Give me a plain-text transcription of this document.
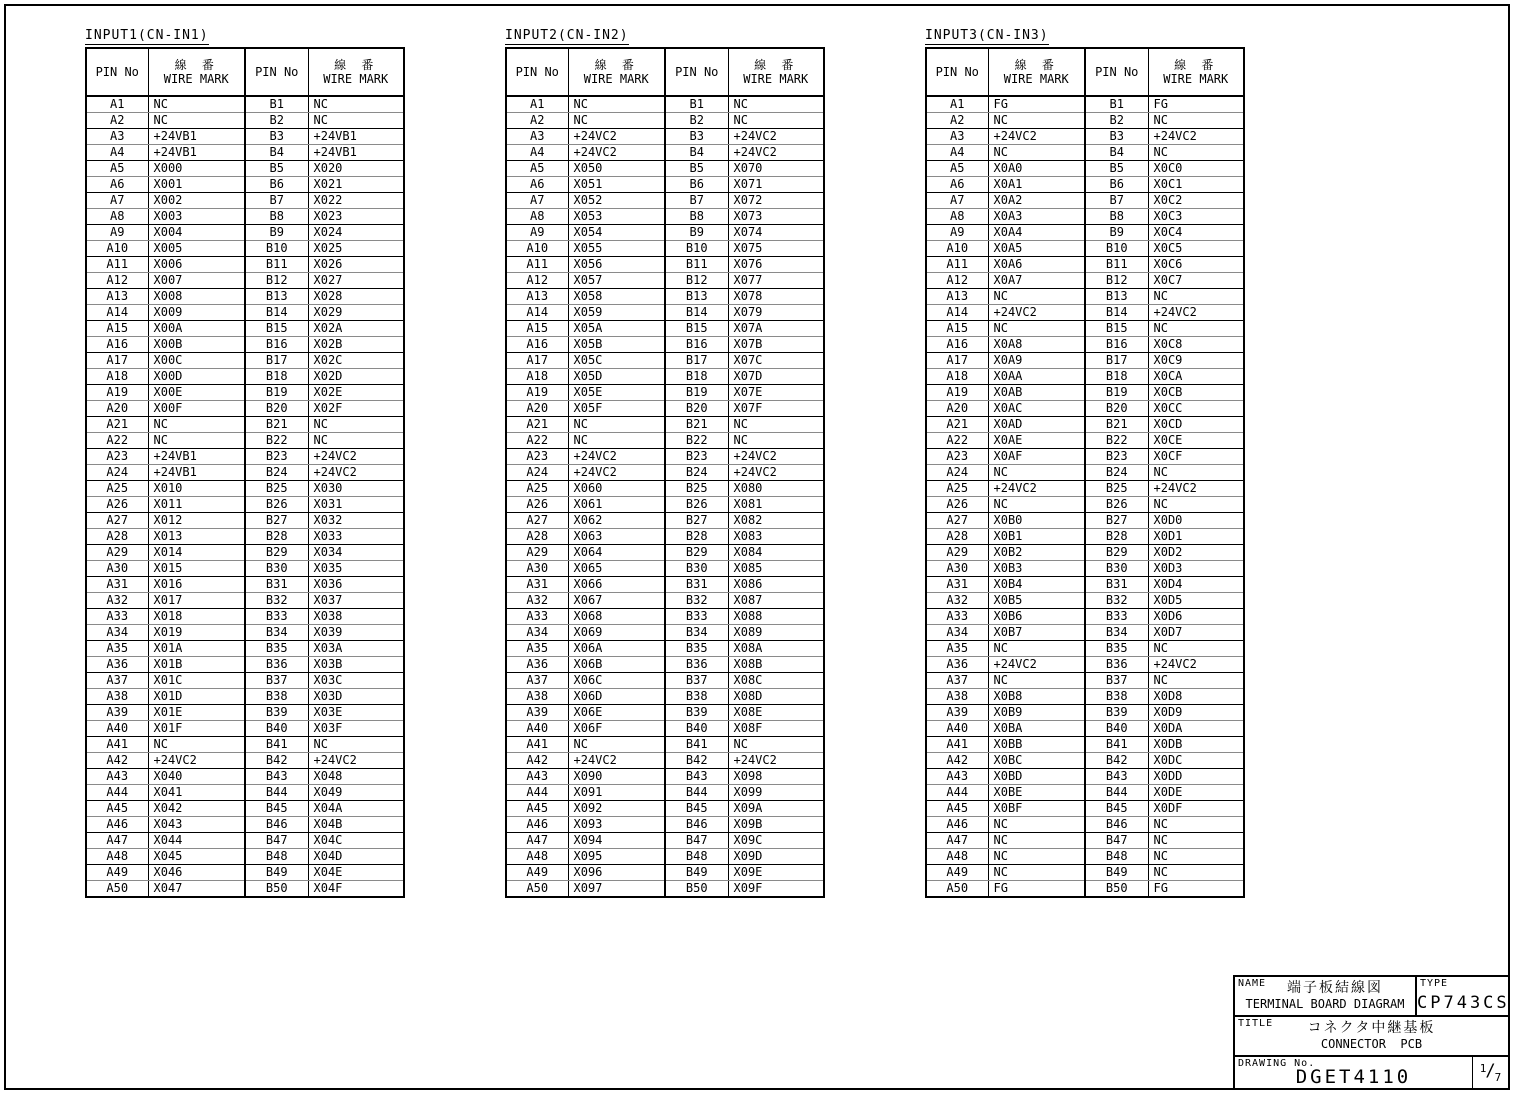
INPUT1(CN-IN1)
PIN No	線 番
WIRE MARK	PIN No	線 番
WIRE MARK

A1	NC	B1	NC
A2	NC	B2	NC
A3	+24VB1	B3	+24VB1
A4	+24VB1	B4	+24VB1
A5	X000	B5	X020
A6	X001	B6	X021
A7	X002	B7	X022
A8	X003	B8	X023
A9	X004	B9	X024
A10	X005	B10	X025
A11	X006	B11	X026
A12	X007	B12	X027
A13	X008	B13	X028
A14	X009	B14	X029
A15	X00A	B15	X02A
A16	X00B	B16	X02B
A17	X00C	B17	X02C
A18	X00D	B18	X02D
A19	X00E	B19	X02E
A20	X00F	B20	X02F
A21	NC	B21	NC
A22	NC	B22	NC
A23	+24VB1	B23	+24VC2
A24	+24VB1	B24	+24VC2
A25	X010	B25	X030
A26	X011	B26	X031
A27	X012	B27	X032
A28	X013	B28	X033
A29	X014	B29	X034
A30	X015	B30	X035
A31	X016	B31	X036
A32	X017	B32	X037
A33	X018	B33	X038
A34	X019	B34	X039
A35	X01A	B35	X03A
A36	X01B	B36	X03B
A37	X01C	B37	X03C
A38	X01D	B38	X03D
A39	X01E	B39	X03E
A40	X01F	B40	X03F
A41	NC	B41	NC
A42	+24VC2	B42	+24VC2
A43	X040	B43	X048
A44	X041	B44	X049
A45	X042	B45	X04A
A46	X043	B46	X04B
A47	X044	B47	X04C
A48	X045	B48	X04D
A49	X046	B49	X04E
A50	X047	B50	X04F
INPUT2(CN-IN2)
PIN No	線 番
WIRE MARK	PIN No	線 番
WIRE MARK

A1	NC	B1	NC
A2	NC	B2	NC
A3	+24VC2	B3	+24VC2
A4	+24VC2	B4	+24VC2
A5	X050	B5	X070
A6	X051	B6	X071
A7	X052	B7	X072
A8	X053	B8	X073
A9	X054	B9	X074
A10	X055	B10	X075
A11	X056	B11	X076
A12	X057	B12	X077
A13	X058	B13	X078
A14	X059	B14	X079
A15	X05A	B15	X07A
A16	X05B	B16	X07B
A17	X05C	B17	X07C
A18	X05D	B18	X07D
A19	X05E	B19	X07E
A20	X05F	B20	X07F
A21	NC	B21	NC
A22	NC	B22	NC
A23	+24VC2	B23	+24VC2
A24	+24VC2	B24	+24VC2
A25	X060	B25	X080
A26	X061	B26	X081
A27	X062	B27	X082
A28	X063	B28	X083
A29	X064	B29	X084
A30	X065	B30	X085
A31	X066	B31	X086
A32	X067	B32	X087
A33	X068	B33	X088
A34	X069	B34	X089
A35	X06A	B35	X08A
A36	X06B	B36	X08B
A37	X06C	B37	X08C
A38	X06D	B38	X08D
A39	X06E	B39	X08E
A40	X06F	B40	X08F
A41	NC	B41	NC
A42	+24VC2	B42	+24VC2
A43	X090	B43	X098
A44	X091	B44	X099
A45	X092	B45	X09A
A46	X093	B46	X09B
A47	X094	B47	X09C
A48	X095	B48	X09D
A49	X096	B49	X09E
A50	X097	B50	X09F
INPUT3(CN-IN3)
PIN No	線 番
WIRE MARK	PIN No	線 番
WIRE MARK

A1	FG	B1	FG
A2	NC	B2	NC
A3	+24VC2	B3	+24VC2
A4	NC	B4	NC
A5	X0A0	B5	X0C0
A6	X0A1	B6	X0C1
A7	X0A2	B7	X0C2
A8	X0A3	B8	X0C3
A9	X0A4	B9	X0C4
A10	X0A5	B10	X0C5
A11	X0A6	B11	X0C6
A12	X0A7	B12	X0C7
A13	NC	B13	NC
A14	+24VC2	B14	+24VC2
A15	NC	B15	NC
A16	X0A8	B16	X0C8
A17	X0A9	B17	X0C9
A18	X0AA	B18	X0CA
A19	X0AB	B19	X0CB
A20	X0AC	B20	X0CC
A21	X0AD	B21	X0CD
A22	X0AE	B22	X0CE
A23	X0AF	B23	X0CF
A24	NC	B24	NC
A25	+24VC2	B25	+24VC2
A26	NC	B26	NC
A27	X0B0	B27	X0D0
A28	X0B1	B28	X0D1
A29	X0B2	B29	X0D2
A30	X0B3	B30	X0D3
A31	X0B4	B31	X0D4
A32	X0B5	B32	X0D5
A33	X0B6	B33	X0D6
A34	X0B7	B34	X0D7
A35	NC	B35	NC
A36	+24VC2	B36	+24VC2
A37	NC	B37	NC
A38	X0B8	B38	X0D8
A39	X0B9	B39	X0D9
A40	X0BA	B40	X0DA
A41	X0BB	B41	X0DB
A42	X0BC	B42	X0DC
A43	X0BD	B43	X0DD
A44	X0BE	B44	X0DE
A45	X0BF	B45	X0DF
A46	NC	B46	NC
A47	NC	B47	NC
A48	NC	B48	NC
A49	NC	B49	NC
A50	FG	B50	FG
NAME	端子板結線図
TERMINAL BOARD DIAGRAM
TYPE
CP743CS
TITLE	コネクタ中継基板
CONNECTOR  PCB
DRAWING No.
DGET4110	1/7
